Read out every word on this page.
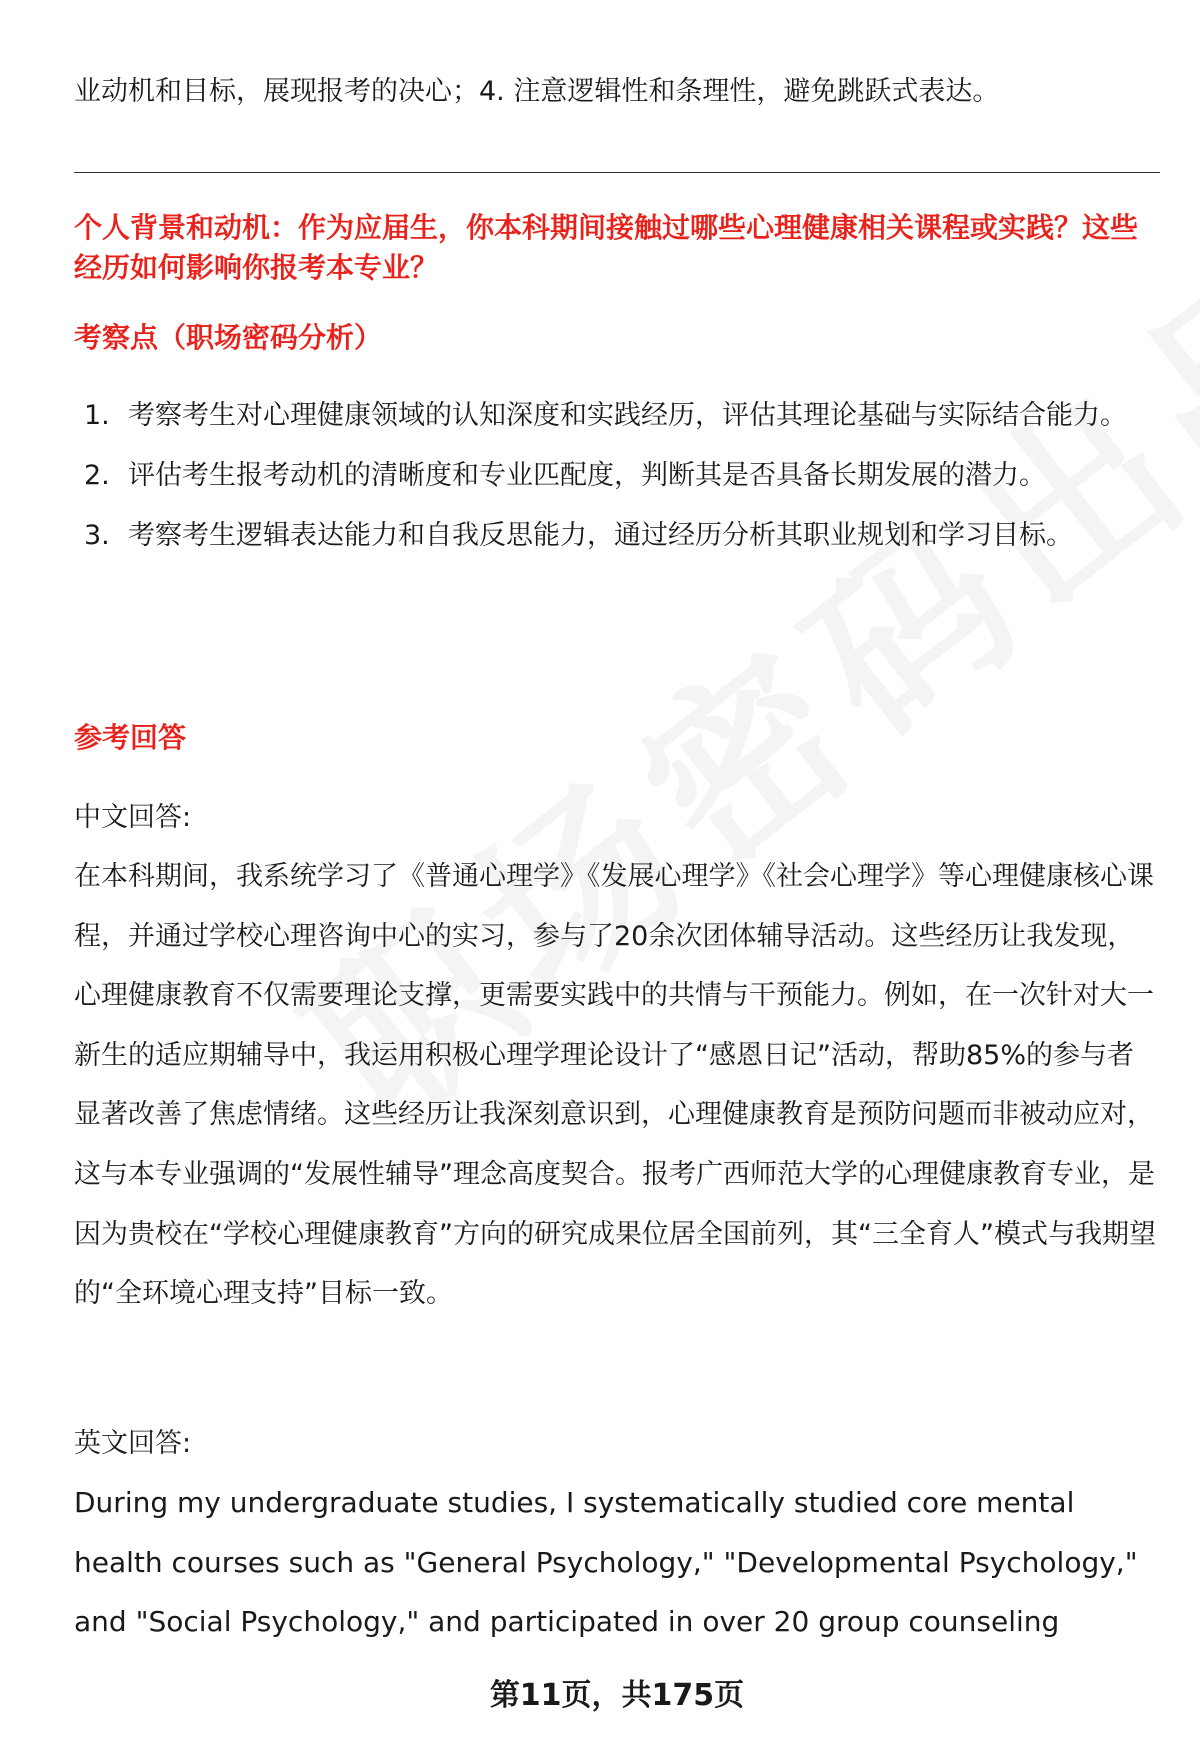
业动机和目标，展现报考的决心；4. 注意逻辑性和条理性，避免跳跃式表达。
个人背景和动机：作为应届生，你本科期间接触过哪些心理健康相关课程或实践？这些经历如何影响你报考本专业？
考察点（职场密码分析）
1. 考察考生对心理健康领域的认知深度和实践经历，评估其理论基础与实际结合能力。
2. 评估考生报考动机的清晰度和专业匹配度，判断其是否具备长期发展的潜力。
3. 考察考生逻辑表达能力和自我反思能力，通过经历分析其职业规划和学习目标。
参考回答
中文回答:
在本科期间，我系统学习了《普通心理学》《发展心理学》《社会心理学》等心理健康核心课程，并通过学校心理咨询中心的实习，参与了20余次团体辅导活动。这些经历让我发现，心理健康教育不仅需要理论支撑，更需要实践中的共情与干预能力。例如，在一次针对大一新生的适应期辅导中，我运用积极心理学理论设计了“感恩日记”活动，帮助85%的参与者显著改善了焦虑情绪。这些经历让我深刻意识到，心理健康教育是预防问题而非被动应对，这与本专业强调的“发展性辅导”理念高度契合。报考广西师范大学的心理健康教育专业，是因为贵校在“学校心理健康教育”方向的研究成果位居全国前列，其“三全育人”模式与我期望的“全环境心理支持”目标一致。
英文回答:
During my undergraduate studies, I systematically studied core mental health courses such as "General Psychology," "Developmental Psychology," and "Social Psychology," and participated in over 20 group counseling
第11页，共175页
